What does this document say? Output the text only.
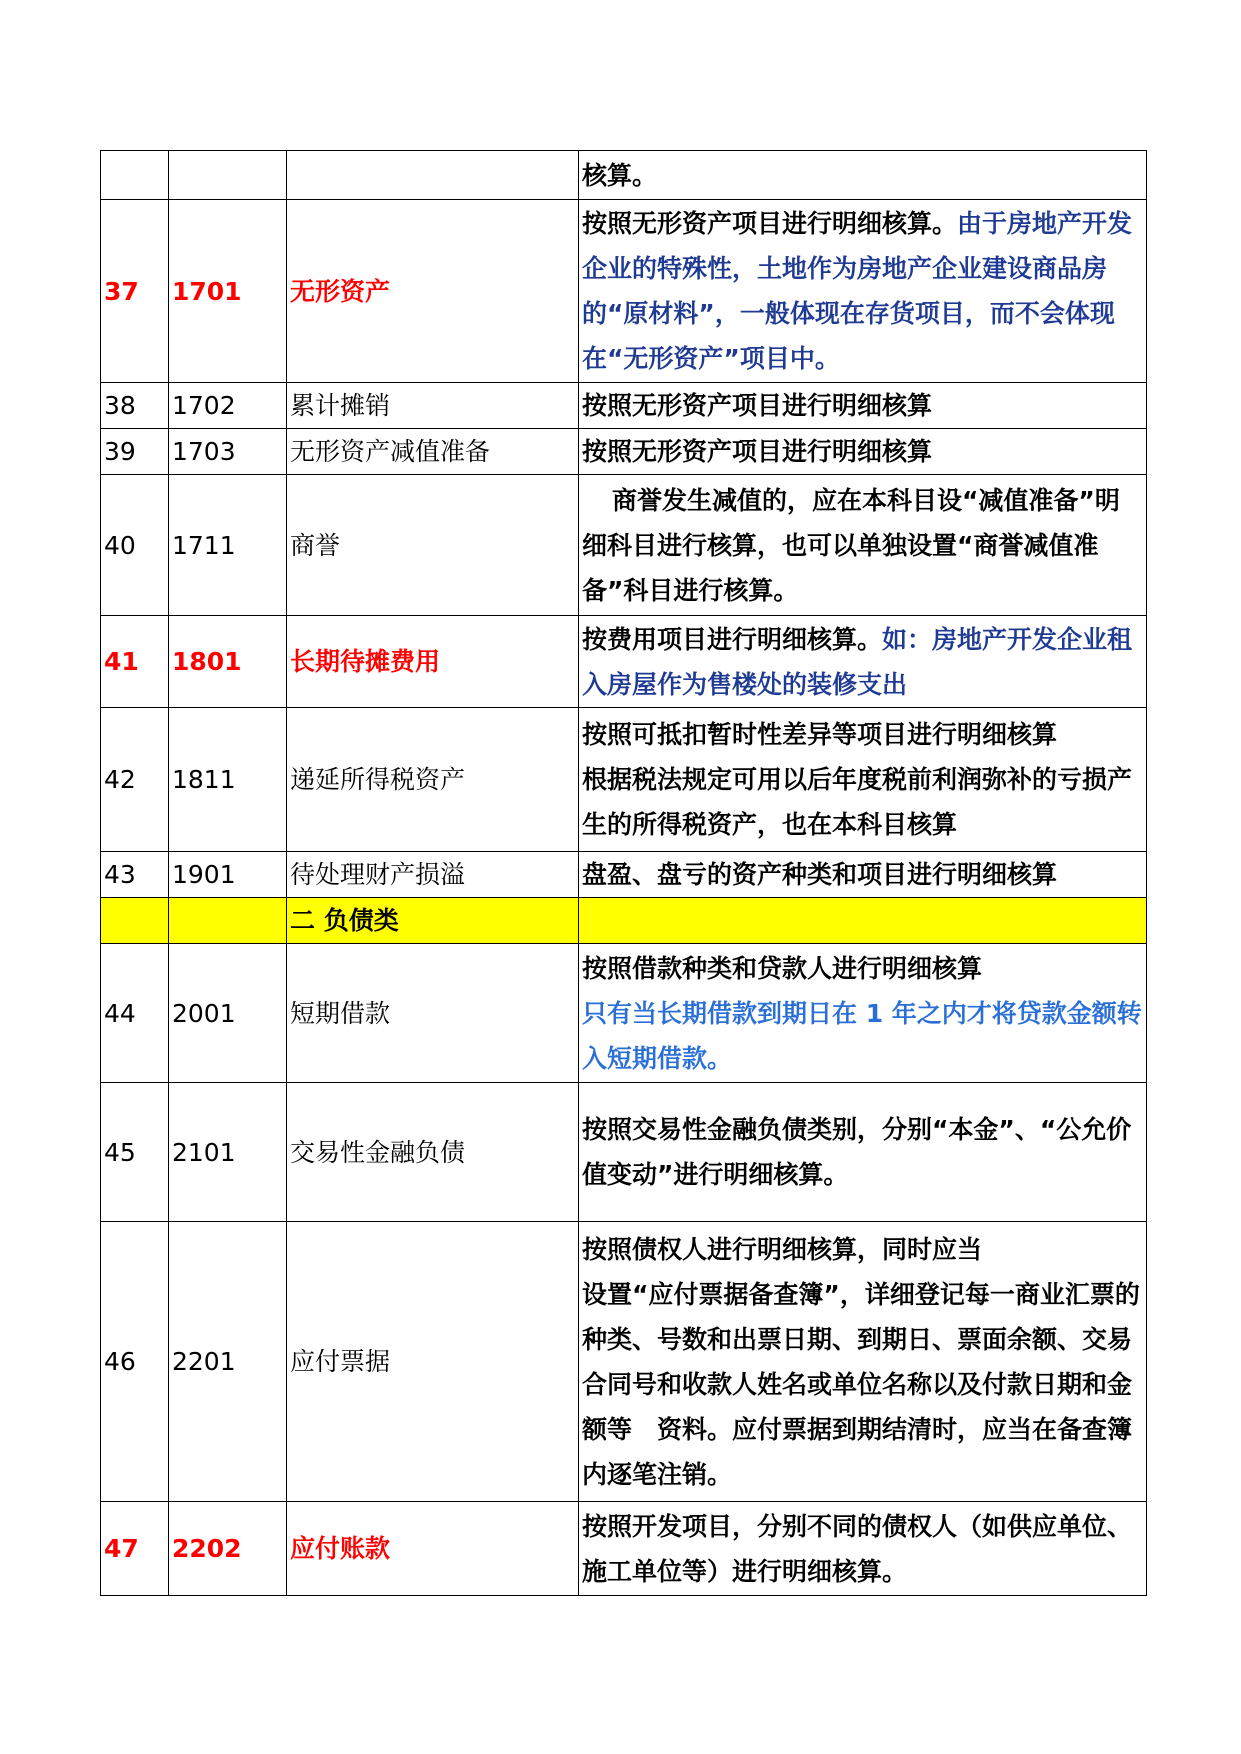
			核算。
37	1701	无形资产	按照无形资产项目进行明细核算。由于房地产开发企业的特殊性，土地作为房地产企业建设商品房的“原材料”，一般体现在存货项目，而不会体现在“无形资产”项目中。
38	1702	累计摊销	按照无形资产项目进行明细核算
39	1703	无形资产减值准备	按照无形资产项目进行明细核算
40	1711	商誉	商誉发生减值的，应在本科目设“减值准备”明细科目进行核算，也可以单独设置“商誉减值准备”科目进行核算。
41	1801	长期待摊费用	按费用项目进行明细核算。如：房地产开发企业租入房屋作为售楼处的装修支出
42	1811	递延所得税资产	按照可抵扣暂时性差异等项目进行明细核算
根据税法规定可用以后年度税前利润弥补的亏损产生的所得税资产，也在本科目核算

43	1901	待处理财产损溢	盘盈、盘亏的资产种类和项目进行明细核算
		二 负债类	
44	2001	短期借款	按照借款种类和贷款人进行明细核算
只有当长期借款到期日在 1 年之内才将贷款金额转入短期借款。

45	2101	交易性金融负债	按照交易性金融负债类别，分别“本金”、“公允价值变动”进行明细核算。
46	2201	应付票据	按照债权人进行明细核算，同时应当
设置“应付票据备查簿”，详细登记每一商业汇票的种类、号数和出票日期、到期日、票面余额、交易合同号和收款人姓名或单位名称以及付款日期和金额等　资料。应付票据到期结清时，应当在备查簿内逐笔注销。

47	2202	应付账款	按照开发项目，分别不同的债权人（如供应单位、施工单位等）进行明细核算。
